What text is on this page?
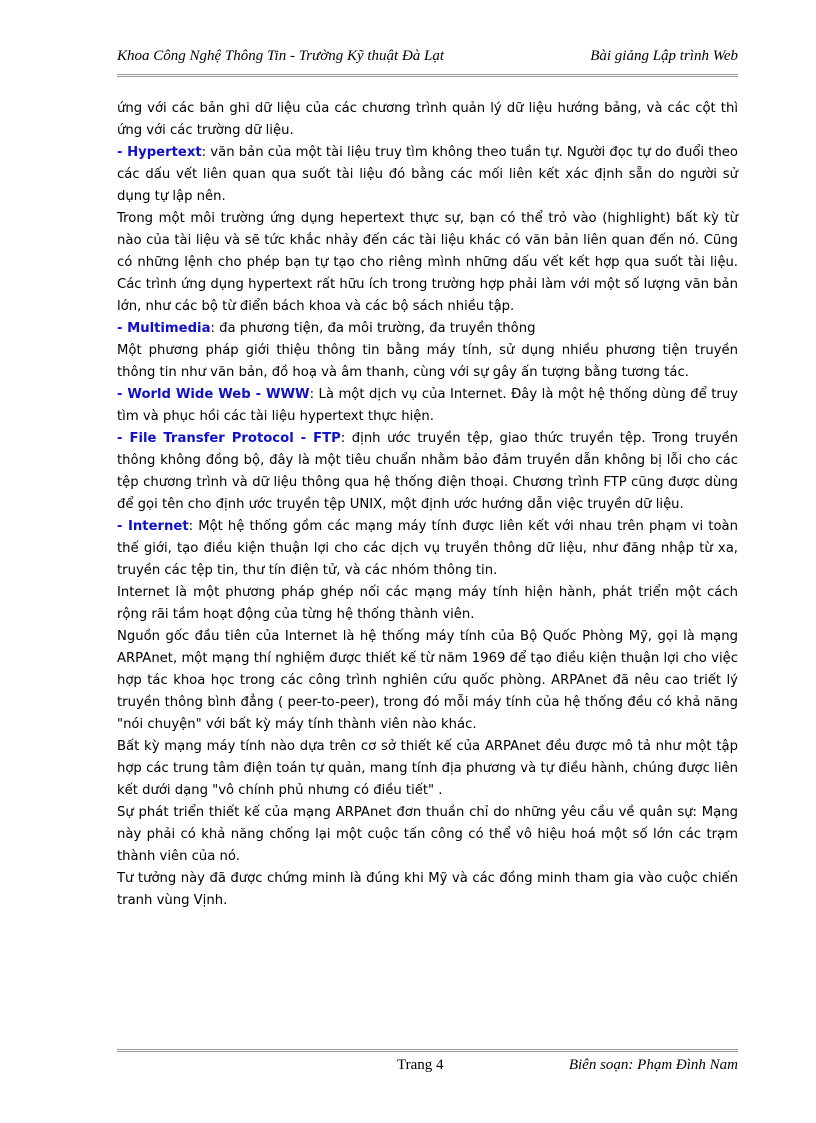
Khoa Công Nghệ Thông Tin - Trường Kỹ thuật Đà Lạt	Bài giảng Lập trình Web

ứng với các bản ghi dữ liệu của các chương trình quản lý dữ liệu hướng bảng, và các cột thì ứng với các trường dữ liệu.

- Hypertext: văn bản của một tài liệu truy tìm không theo tuần tự. Người đọc tự do đuổi theo các dấu vết liên quan qua suốt tài liệu đó bằng các mối liên kết xác định sẵn do người sử dụng tự lập nên.

Trong một môi trường ứng dụng hepertext thực sự, bạn có thể trỏ vào (highlight) bất kỳ từ nào của tài liệu và sẽ tức khắc nhảy đến các tài liệu khác có văn bản liên quan đến nó. Cũng có những lệnh cho phép bạn tự tạo cho riêng mình những dấu vết kết hợp qua suốt tài liệu. Các trình ứng dụng hypertext rất hữu ích trong trường hợp phải làm với một số lượng văn bản lớn, như các bộ từ điển bách khoa và các bộ sách nhiều tập.

- Multimedia: đa phương tiện, đa môi trường, đa truyền thông

Một phương pháp giới thiệu thông tin bằng máy tính, sử dụng nhiều phương tiện truyền thông tin như văn bản, đồ hoạ và âm thanh, cùng với sự gây ấn tượng bằng tương tác.

- World Wide Web - WWW: Là một dịch vụ của Internet. Đây là một hệ thống dùng để truy tìm và phục hồi các tài liệu hypertext thực hiện.

- File Transfer Protocol - FTP: định ước truyền tệp, giao thức truyền tệp. Trong truyền thông không đồng bộ, đây là một tiêu chuẩn nhằm bảo đảm truyền dẫn không bị lỗi cho các tệp chương trình và dữ liệu thông qua hệ thống điện thoại. Chương trình FTP cũng được dùng để gọi tên cho định ước truyền tệp UNIX, một định ước hướng dẫn việc truyền dữ liệu.

- Internet: Một hệ thống gồm các mạng máy tính được liên kết với nhau trên phạm vi toàn thế giới, tạo điều kiện thuận lợi cho các dịch vụ truyền thông dữ liệu, như đăng nhập từ xa, truyền các tệp tin, thư tín điện tử, và các nhóm thông tin.

Internet là một phương pháp ghép nối các mạng máy tính hiện hành, phát triển một cách rộng rãi tầm hoạt động của từng hệ thống thành viên.

Nguồn gốc đầu tiên của Internet là hệ thống máy tính của Bộ Quốc Phòng Mỹ, gọi là mạng ARPAnet, một mạng thí nghiệm được thiết kế từ năm 1969 để tạo điều kiện thuận lợi cho việc hợp tác khoa học trong các công trình nghiên cứu quốc phòng. ARPAnet đã nêu cao triết lý truyền thông bình đẳng ( peer-to-peer), trong đó mỗi máy tính của hệ thống đều có khả năng "nói chuyện" với bất kỳ máy tính thành viên nào khác.

Bất kỳ mạng máy tính nào dựa trên cơ sở thiết kế của ARPAnet đều được mô tả như một tập hợp các trung tâm điện toán tự quản, mang tính địa phương và tự điều hành, chúng được liên kết dưới dạng "vô chính phủ nhưng có điều tiết" .

Sự phát triển thiết kế của mạng ARPAnet đơn thuần chỉ do những yêu cầu về quân sự: Mạng này phải có khả năng chống lại một cuộc tấn công có thể vô hiệu hoá một số lớn các trạm thành viên của nó.

Tư tưởng này đã được chứng minh là đúng khi Mỹ và các đồng minh tham gia vào cuộc chiến tranh vùng Vịnh.

Trang 4	Biên soạn: Phạm Đình Nam
